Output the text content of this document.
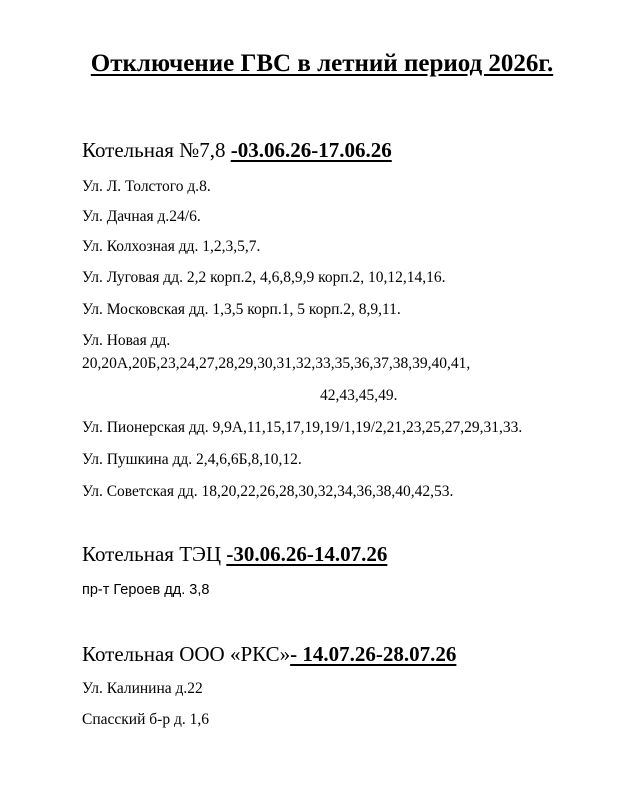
Отключение ГВС в летний период 2026г.
Котельная №7,8 -03.06.26-17.06.26
Ул. Л. Толстого д.8.
Ул. Дачная д.24/6.
Ул. Колхозная дд. 1,2,3,5,7.
Ул. Луговая дд. 2,2 корп.2, 4,6,8,9,9 корп.2, 10,12,14,16.
Ул. Московская дд. 1,3,5 корп.1, 5 корп.2, 8,9,11.
Ул. Новая дд.
20,20А,20Б,23,24,27,28,29,30,31,32,33,35,36,37,38,39,40,41,
42,43,45,49.
Ул. Пионерская дд. 9,9А,11,15,17,19,19/1,19/2,21,23,25,27,29,31,33.
Ул. Пушкина дд. 2,4,6,6Б,8,10,12.
Ул. Советская дд. 18,20,22,26,28,30,32,34,36,38,40,42,53.
Котельная ТЭЦ -30.06.26-14.07.26
пр-т Героев дд. 3,8
Котельная ООО «РКС»- 14.07.26-28.07.26
Ул. Калинина д.22
Спасский б-р д. 1,6
